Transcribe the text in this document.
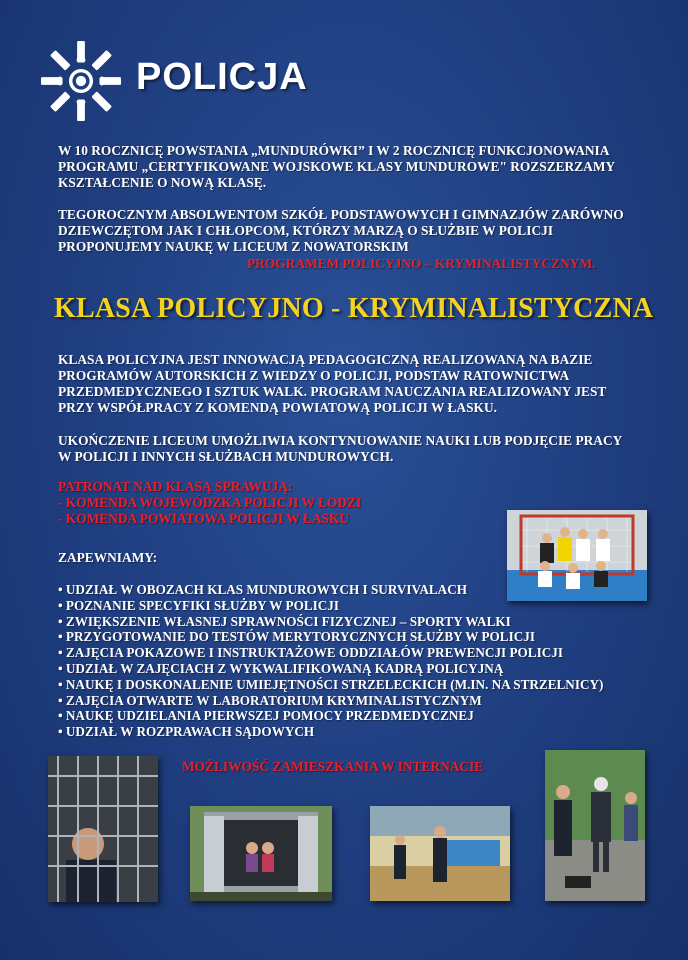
POLICJA
W 10 ROCZNICĘ POWSTANIA „MUNDURÓWKI” I W 2 ROCZNICĘ FUNKCJONOWANIA
PROGRAMU „CERTYFIKOWANE WOJSKOWE KLASY MUNDUROWE" ROZSZERZAMY
KSZTAŁCENIE O NOWĄ KLASĘ.
TEGOROCZNYM ABSOLWENTOM SZKÓŁ PODSTAWOWYCH I GIMNAZJÓW ZARÓWNO
DZIEWCZĘTOM JAK I CHŁOPCOM, KTÓRZY MARZĄ O SŁUŻBIE W POLICJI
PROPONUJEMY NAUKĘ W LICEUM Z NOWATORSKIM
PROGRAMEM POLICYJNO – KRYMINALISTYCZNYM.
KLASA POLICYJNO - KRYMINALISTYCZNA
KLASA POLICYJNA JEST INNOWACJĄ PEDAGOGICZNĄ REALIZOWANĄ NA BAZIE
PROGRAMÓW AUTORSKICH Z WIEDZY O POLICJI, PODSTAW RATOWNICTWA
PRZEDMEDYCZNEGO I SZTUK WALK. PROGRAM NAUCZANIA REALIZOWANY JEST
PRZY WSPÓŁPRACY Z KOMENDĄ POWIATOWĄ POLICJI W ŁASKU.
UKOŃCZENIE LICEUM UMOŻLIWIA KONTYNUOWANIE NAUKI LUB PODJĘCIE PRACY
W POLICJI I INNYCH SŁUŻBACH MUNDUROWYCH.
PATRONAT NAD KLASĄ SPRAWUJĄ:
- KOMENDA WOJEWÓDZKA POLICJI W ŁODZI
- KOMENDA POWIATOWA POLICJI W ŁASKU
ZAPEWNIAMY:
• UDZIAŁ W OBOZACH KLAS MUNDUROWYCH I SURVIVALACH
• POZNANIE SPECYFIKI SŁUŻBY W POLICJI
• ZWIĘKSZENIE WŁASNEJ SPRAWNOŚCI FIZYCZNEJ – SPORTY WALKI
• PRZYGOTOWANIE DO TESTÓW MERYTORYCZNYCH SŁUŻBY W POLICJI
• ZAJĘCIA POKAZOWE I INSTRUKTAŻOWE ODDZIAŁÓW PREWENCJI POLICJI
• UDZIAŁ W ZAJĘCIACH Z WYKWALIFIKOWANĄ KADRĄ POLICYJNĄ
• NAUKĘ I DOSKONALENIE UMIEJĘTNOŚCI STRZELECKICH (M.IN. NA STRZELNICY)
• ZAJĘCIA OTWARTE W LABORATORIUM KRYMINALISTYCZNYM
• NAUKĘ UDZIELANIA PIERWSZEJ POMOCY PRZEDMEDYCZNEJ
• UDZIAŁ W ROZPRAWACH SĄDOWYCH
MOŻLIWOŚĆ ZAMIESZKANIA W INTERNACIE
